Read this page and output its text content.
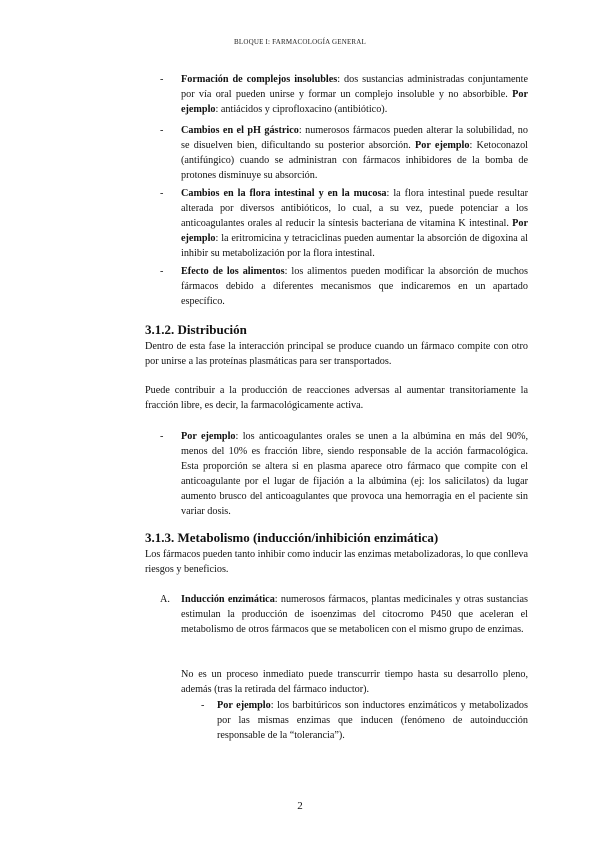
BLOQUE I: FARMACOLOGÍA GENERAL
- Formación de complejos insolubles: dos sustancias administradas conjuntamente por vía oral pueden unirse y formar un complejo insoluble y no absorbible. Por ejemplo: antiácidos y ciprofloxacino (antibiótico).
- Cambios en el pH gástrico: numerosos fármacos pueden alterar la solubilidad, no se disuelven bien, dificultando su posterior absorción. Por ejemplo: Ketoconazol (antifúngico) cuando se administran con fármacos inhibidores de la bomba de protones disminuye su absorción.
- Cambios en la flora intestinal y en la mucosa: la flora intestinal puede resultar alterada por diversos antibióticos, lo cual, a su vez, puede potenciar a los anticoagulantes orales al reducir la síntesis bacteriana de vitamina K intestinal. Por ejemplo: la eritromicina y tetraciclinas pueden aumentar la absorción de digoxina al inhibir su metabolización por la flora intestinal.
- Efecto de los alimentos: los alimentos pueden modificar la absorción de muchos fármacos debido a diferentes mecanismos que indicaremos en un apartado específico.
3.1.2. Distribución
Dentro de esta fase la interacción principal se produce cuando un fármaco compite con otro por unirse a las proteínas plasmáticas para ser transportados.
Puede contribuir a la producción de reacciones adversas al aumentar transitoriamente la fracción libre, es decir, la farmacológicamente activa.
- Por ejemplo: los anticoagulantes orales se unen a la albúmina en más del 90%, menos del 10% es fracción libre, siendo responsable de la acción farmacológica. Esta proporción se altera si en plasma aparece otro fármaco que compite con el anticoagulante por el lugar de fijación a la albúmina (ej: los salicilatos) da lugar aumento brusco del anticoagulantes que provoca una hemorragia en el paciente sin variar dosis.
3.1.3. Metabolismo (inducción/inhibición enzimática)
Los fármacos pueden tanto inhibir como inducir las enzimas metabolizadoras, lo que conlleva riesgos y beneficios.
A. Inducción enzimática: numerosos fármacos, plantas medicinales y otras sustancias estimulan la producción de isoenzimas del citocromo P450 que aceleran el metabolismo de otros fármacos que se metabolicen con el mismo grupo de enzimas.
No es un proceso inmediato puede transcurrir tiempo hasta su desarrollo pleno, además (tras la retirada del fármaco inductor).
- Por ejemplo: los barbitúricos son inductores enzimáticos y metabolizados por las mismas enzimas que inducen (fenómeno de autoinducción responsable de la “tolerancia”).
2
